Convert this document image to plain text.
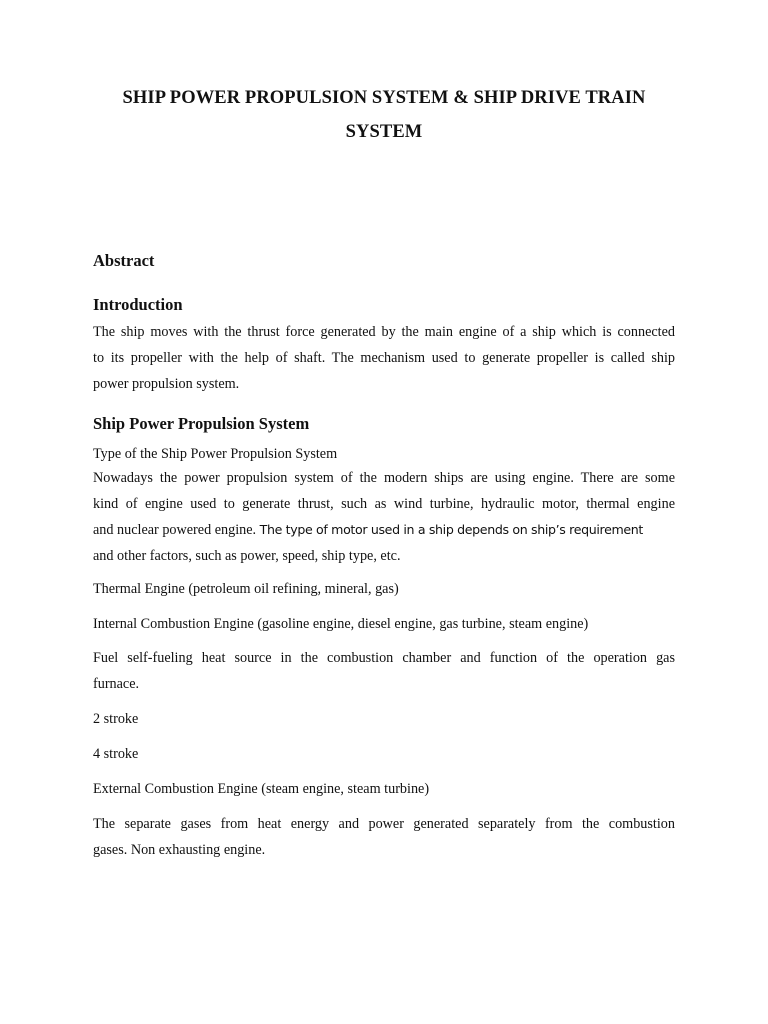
SHIP POWER PROPULSION SYSTEM & SHIP DRIVE TRAIN
SYSTEM
Abstract
Introduction
The ship moves with the thrust force generated by the main engine of a ship which is connected
to its propeller with the help of shaft. The mechanism used to generate propeller is called ship
power propulsion system.
Ship Power Propulsion System
Type of the Ship Power Propulsion System
Nowadays the power propulsion system of the modern ships are using engine. There are some
kind of engine used to generate thrust, such as wind turbine, hydraulic motor, thermal engine
and nuclear powered engine. The type of motor used in a ship depends on ship’s requirement
and other factors, such as power, speed, ship type, etc.
Thermal Engine (petroleum oil refining, mineral, gas)
Internal Combustion Engine (gasoline engine, diesel engine, gas turbine, steam engine)
Fuel self-fueling heat source in the combustion chamber and function of the operation gas
furnace.
2 stroke
4 stroke
External Combustion Engine (steam engine, steam turbine)
The separate gases from heat energy and power generated separately from the combustion
gases. Non exhausting engine.
